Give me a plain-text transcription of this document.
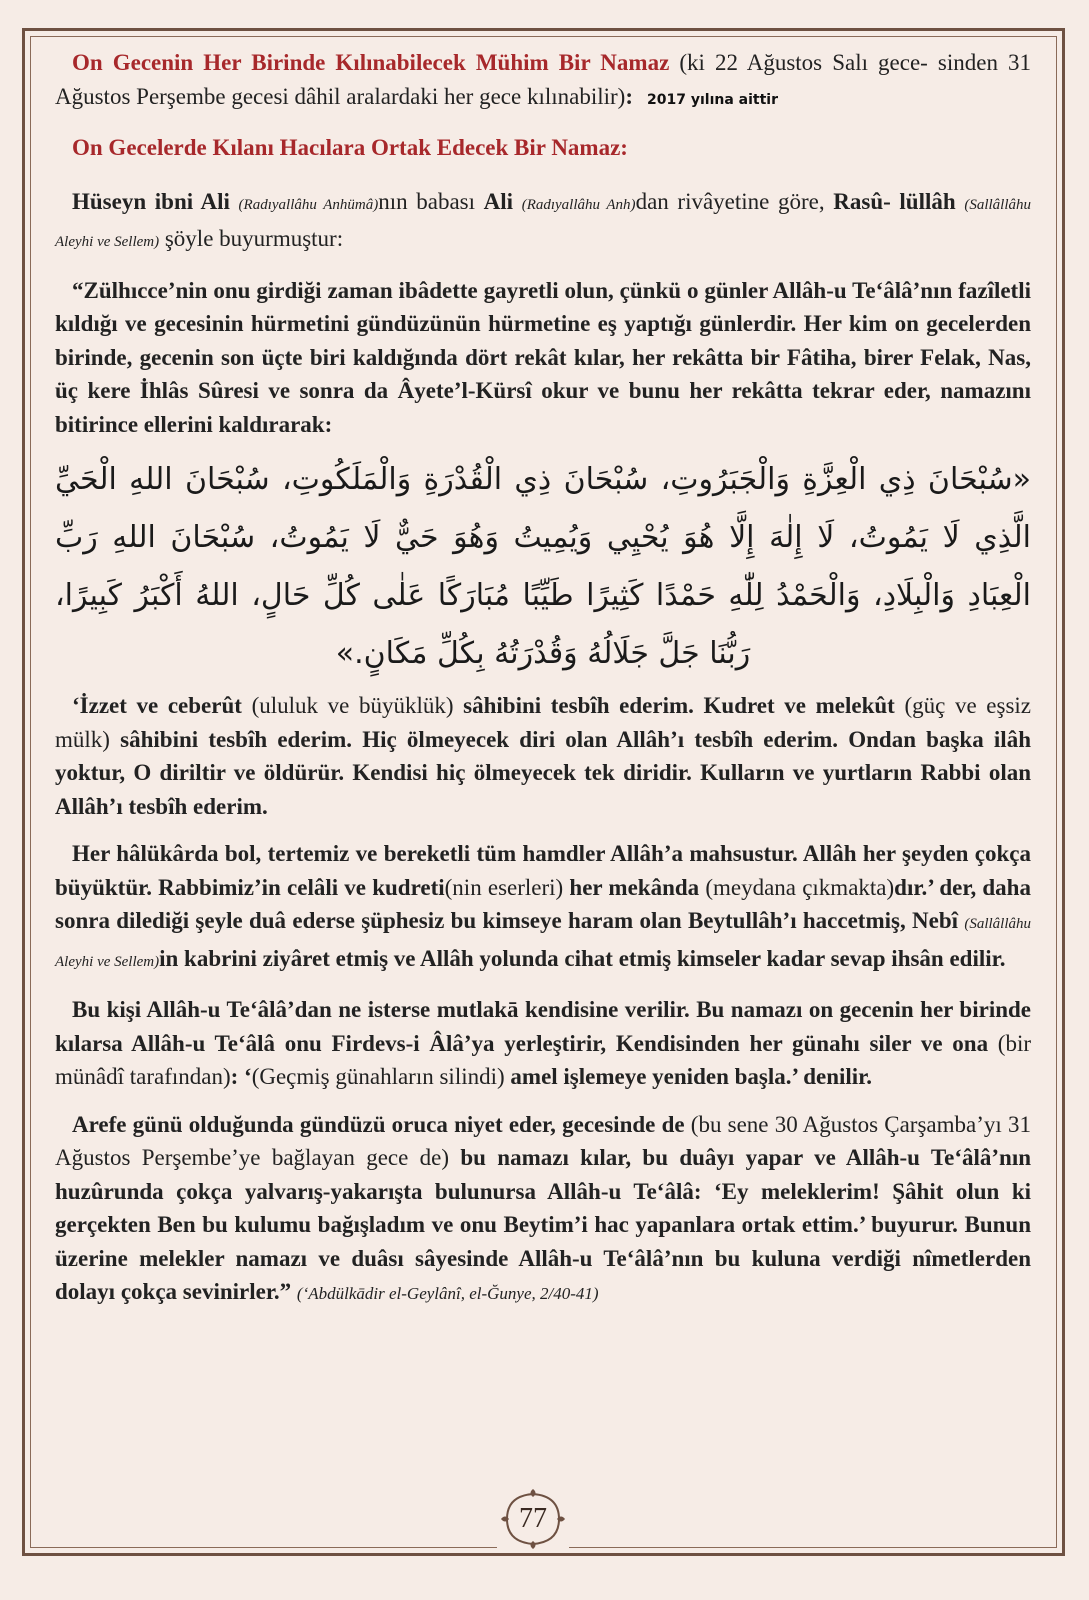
On Gecenin Her Birinde Kılınabilecek Mühim Bir Namaz (ki 22 Ağustos Salı gece- sinden 31 Ağustos Perşembe gecesi dâhil aralardaki her gece kılınabilir): 2017 yılına aittir

On Gecelerde Kılanı Hacılara Ortak Edecek Bir Namaz:

Hüseyn ibni Ali (Radıyallâhu Anhümâ)nın babası Ali (Radıyallâhu Anh)dan rivâyetine göre, Rasû- lüllâh (Sallâllâhu Aleyhi ve Sellem) şöyle buyurmuştur:

“Zülhıcce’nin onu girdiği zaman ibâdette gayretli olun, çünkü o günler Allâh-u Te‘âlâ’nın fazîletli kıldığı ve gecesinin hürmetini gündüzünün hürmetine eş yaptığı günlerdir. Her kim on gecelerden birinde, gecenin son üçte biri kaldığında dört rekât kılar, her rekâtta bir Fâtiha, birer Felak, Nas, üç kere İhlâs Sûresi ve sonra da Âyete’l-Kürsî okur ve bunu her rekâtta tekrar eder, namazını bitirince ellerini kaldırarak:

«سُبْحَانَ ذِي الْعِزَّةِ وَالْجَبَرُوتِ، سُبْحَانَ ذِي الْقُدْرَةِ وَالْمَلَكُوتِ، سُبْحَانَ اللهِ الْحَيِّ
الَّذِي لَا يَمُوتُ، لَا إِلٰهَ إِلَّا هُوَ يُحْيِي وَيُمِيتُ وَهُوَ حَيٌّ لَا يَمُوتُ، سُبْحَانَ اللهِ رَبِّ
الْعِبَادِ وَالْبِلَادِ، وَالْحَمْدُ لِلّٰهِ حَمْدًا كَثِيرًا طَيِّبًا مُبَارَكًا عَلٰى كُلِّ حَالٍ، اللهُ أَكْبَرُ كَبِيرًا،
رَبُّنَا جَلَّ جَلَالُهُ وَقُدْرَتُهُ بِكُلِّ مَكَانٍ.»

‘İzzet ve ceberût (ululuk ve büyüklük) sâhibini tesbîh ederim. Kudret ve melekût (güç ve eşsiz mülk) sâhibini tesbîh ederim. Hiç ölmeyecek diri olan Allâh’ı tesbîh ederim. Ondan başka ilâh yoktur, O diriltir ve öldürür. Kendisi hiç ölmeyecek tek diridir. Kulların ve yurtların Rabbi olan Allâh’ı tesbîh ederim.

Her hâlükârda bol, tertemiz ve bereketli tüm hamdler Allâh’a mahsustur. Allâh her şeyden çokça büyüktür. Rabbimiz’in celâli ve kudreti(nin eserleri) her mekânda (meydana çıkmakta)dır.’ der, daha sonra dilediği şeyle duâ ederse şüphesiz bu kimseye haram olan Beytullâh’ı haccetmiş, Nebî (Sallâllâhu Aleyhi ve Sellem)in kabrini ziyâret etmiş ve Allâh yolunda cihat etmiş kimseler kadar sevap ihsân edilir.

Bu kişi Allâh-u Te‘âlâ’dan ne isterse mutlakā kendisine verilir. Bu namazı on gecenin her birinde kılarsa Allâh-u Te‘âlâ onu Firdevs-i Âlâ’ya yerleştirir, Kendisinden her günahı siler ve ona (bir münâdî tarafından): ‘(Geçmiş günahların silindi) amel işlemeye yeniden başla.’ denilir.

Arefe günü olduğunda gündüzü oruca niyet eder, gecesinde de (bu sene 30 Ağustos Çarşamba’yı 31 Ağustos Perşembe’ye bağlayan gece de) bu namazı kılar, bu duâyı yapar ve Allâh-u Te‘âlâ’nın huzûrunda çokça yalvarış-yakarışta bulunursa Allâh-u Te‘âlâ: ‘Ey meleklerim! Şâhit olun ki gerçekten Ben bu kulumu bağışladım ve onu Beytim’i hac yapanlara ortak ettim.’ buyurur. Bunun üzerine melekler namazı ve duâsı sâyesinde Allâh-u Te‘âlâ’nın bu kuluna verdiği nîmetlerden dolayı çokça sevinirler.” (‘Abdülkādir el-Geylânî, el-Ğunye, 2/40-41)

77
